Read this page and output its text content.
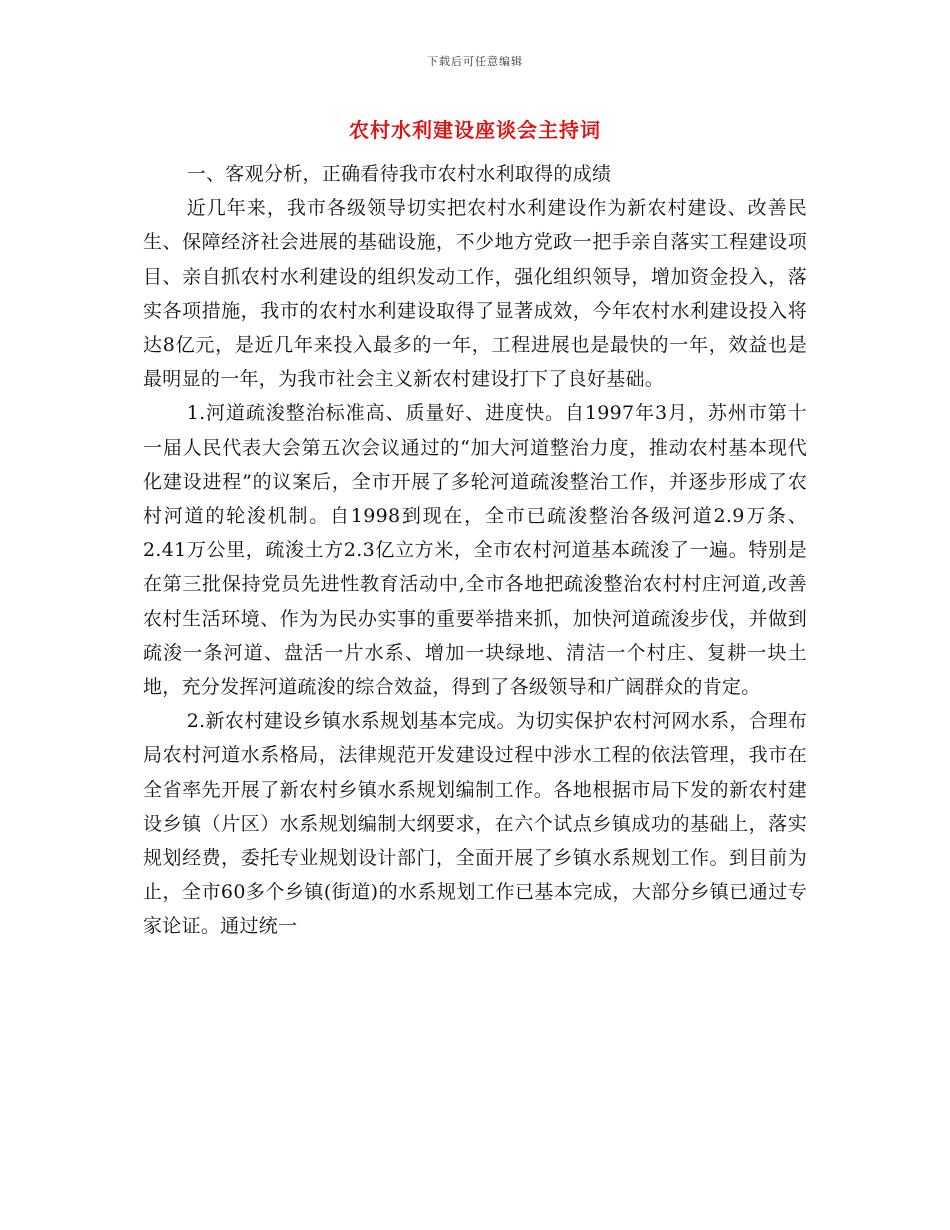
下载后可任意编辑
农村水利建设座谈会主持词

一、客观分析，正确看待我市农村水利取得的成绩

近几年来，我市各级领导切实把农村水利建设作为新农村建设、改善民生、保障经济社会进展的基础设施，不少地方党政一把手亲自落实工程建设项目、亲自抓农村水利建设的组织发动工作，强化组织领导，增加资金投入，落实各项措施，我市的农村水利建设取得了显著成效，今年农村水利建设投入将达8亿元，是近几年来投入最多的一年，工程进展也是最快的一年，效益也是最明显的一年，为我市社会主义新农村建设打下了良好基础。

1.河道疏浚整治标准高、质量好、进度快。自1997年3月，苏州市第十一届人民代表大会第五次会议通过的“加大河道整治力度，推动农村基本现代化建设进程”的议案后，全市开展了多轮河道疏浚整治工作，并逐步形成了农村河道的轮浚机制。自1998到现在，全市已疏浚整治各级河道2.9万条、2.41万公里，疏浚土方2.3亿立方米，全市农村河道基本疏浚了一遍。特别是在第三批保持党员先进性教育活动中,全市各地把疏浚整治农村村庄河道,改善农村生活环境、作为为民办实事的重要举措来抓，加快河道疏浚步伐，并做到疏浚一条河道、盘活一片水系、增加一块绿地、清洁一个村庄、复耕一块土地，充分发挥河道疏浚的综合效益，得到了各级领导和广阔群众的肯定。

2.新农村建设乡镇水系规划基本完成。为切实保护农村河网水系，合理布局农村河道水系格局，法律规范开发建设过程中涉水工程的依法管理，我市在全省率先开展了新农村乡镇水系规划编制工作。各地根据市局下发的新农村建设乡镇（片区）水系规划编制大纲要求，在六个试点乡镇成功的基础上，落实规划经费，委托专业规划设计部门，全面开展了乡镇水系规划工作。到目前为止，全市60多个乡镇(街道)的水系规划工作已基本完成，大部分乡镇已通过专家论证。通过统一
